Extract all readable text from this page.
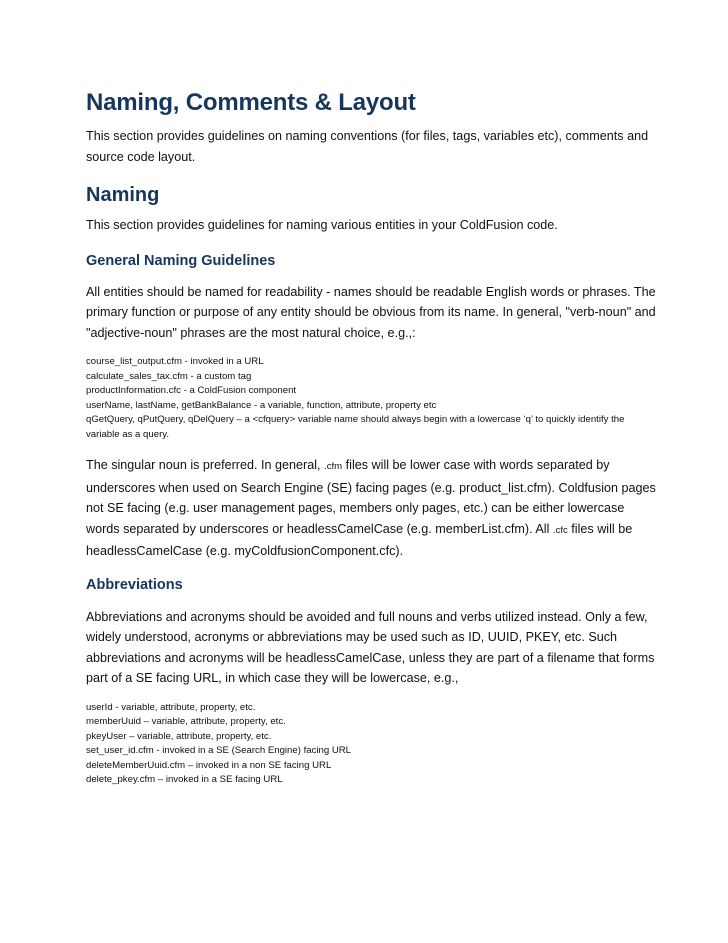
Naming, Comments & Layout

This section provides guidelines on naming conventions (for files, tags, variables etc), comments and source code layout.

Naming

This section provides guidelines for naming various entities in your ColdFusion code.

General Naming Guidelines

All entities should be named for readability - names should be readable English words or phrases. The primary function or purpose of any entity should be obvious from its name. In general, "verb-noun" and "adjective-noun" phrases are the most natural choice, e.g.,:

course_list_output.cfm - invoked in a URL
calculate_sales_tax.cfm - a custom tag
productInformation.cfc - a ColdFusion component
userName, lastName, getBankBalance - a variable, function, attribute, property etc
qGetQuery, qPutQuery, qDelQuery – a <cfquery> variable name should always begin with a lowercase ‘q’ to quickly identify the variable as a query.

The singular noun is preferred. In general, .cfm files will be lower case with words separated by underscores when used on Search Engine (SE) facing pages (e.g. product_list.cfm). Coldfusion pages not SE facing (e.g. user management pages, members only pages, etc.) can be either lowercase words separated by underscores or headlessCamelCase (e.g. memberList.cfm). All .cfc files will be headlessCamelCase (e.g. myColdfusionComponent.cfc).

Abbreviations

Abbreviations and acronyms should be avoided and full nouns and verbs utilized instead. Only a few, widely understood, acronyms or abbreviations may be used such as ID, UUID, PKEY, etc. Such abbreviations and acronyms will be headlessCamelCase, unless they are part of a filename that forms part of a SE facing URL, in which case they will be lowercase, e.g.,

userId - variable, attribute, property, etc.
memberUuid – variable, attribute, property, etc.
pkeyUser – variable, attribute, property, etc.
set_user_id.cfm - invoked in a SE (Search Engine) facing URL
deleteMemberUuid.cfm – invoked in a non SE facing URL
delete_pkey.cfm – invoked in a SE facing URL
